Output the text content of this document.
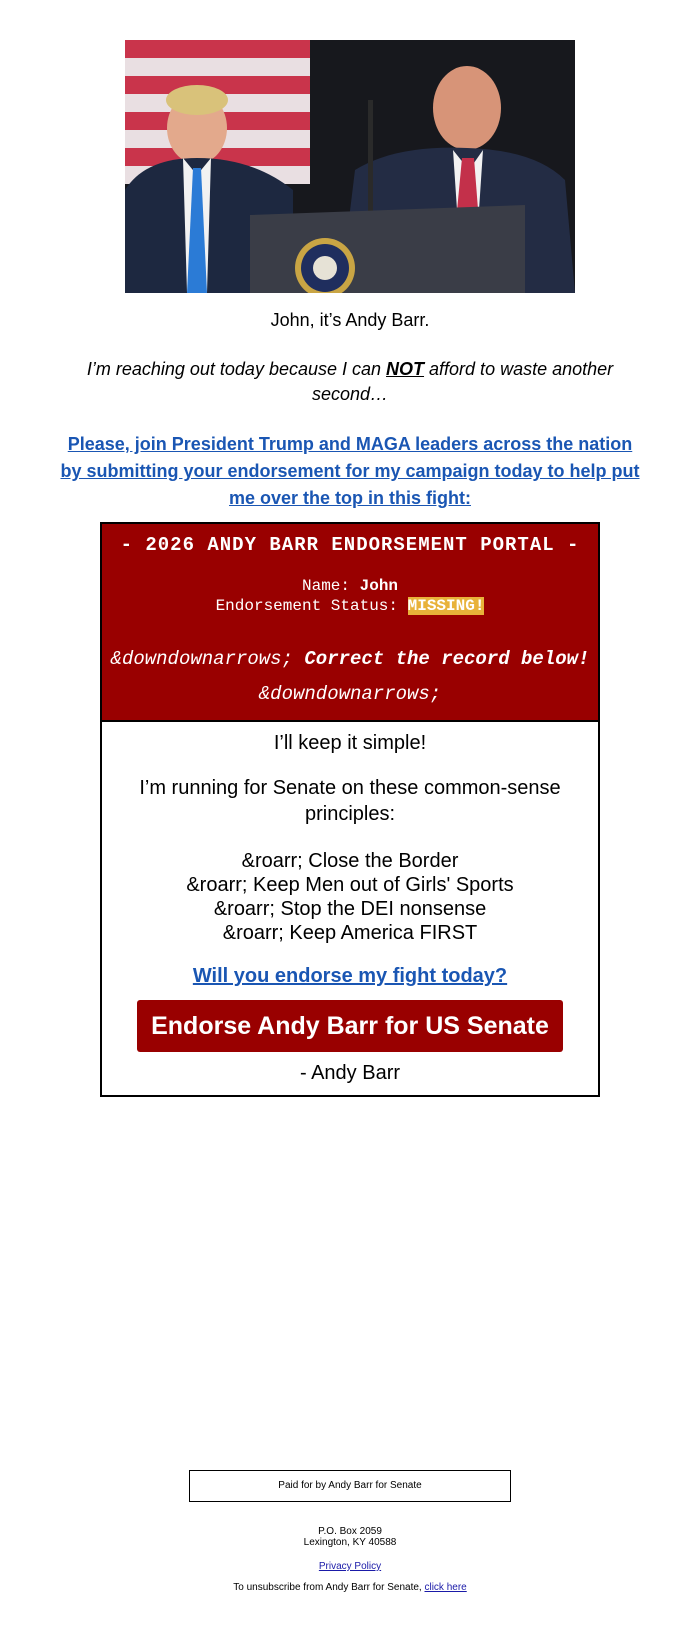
John, it’s Andy Barr.
I’m reaching out today because I can NOT afford to waste another second…
Please, join President Trump and MAGA leaders across the nation by submitting your endorsement for my campaign today to help put me over the top in this fight:
- 2026 ANDY BARR ENDORSEMENT PORTAL -
Name: John
Endorsement Status: MISSING!
&downdownarrows; Correct the record below! &downdownarrows;
I’ll keep it simple!
I’m running for Senate on these common-sense principles:
&roarr; Close the Border
&roarr; Keep Men out of Girls' Sports
&roarr; Stop the DEI nonsense
&roarr; Keep America FIRST
Will you endorse my fight today?
Endorse Andy Barr for US Senate
- Andy Barr
Paid for by Andy Barr for Senate
P.O. Box 2059
Lexington, KY 40588
Privacy Policy
To unsubscribe from Andy Barr for Senate, click here
